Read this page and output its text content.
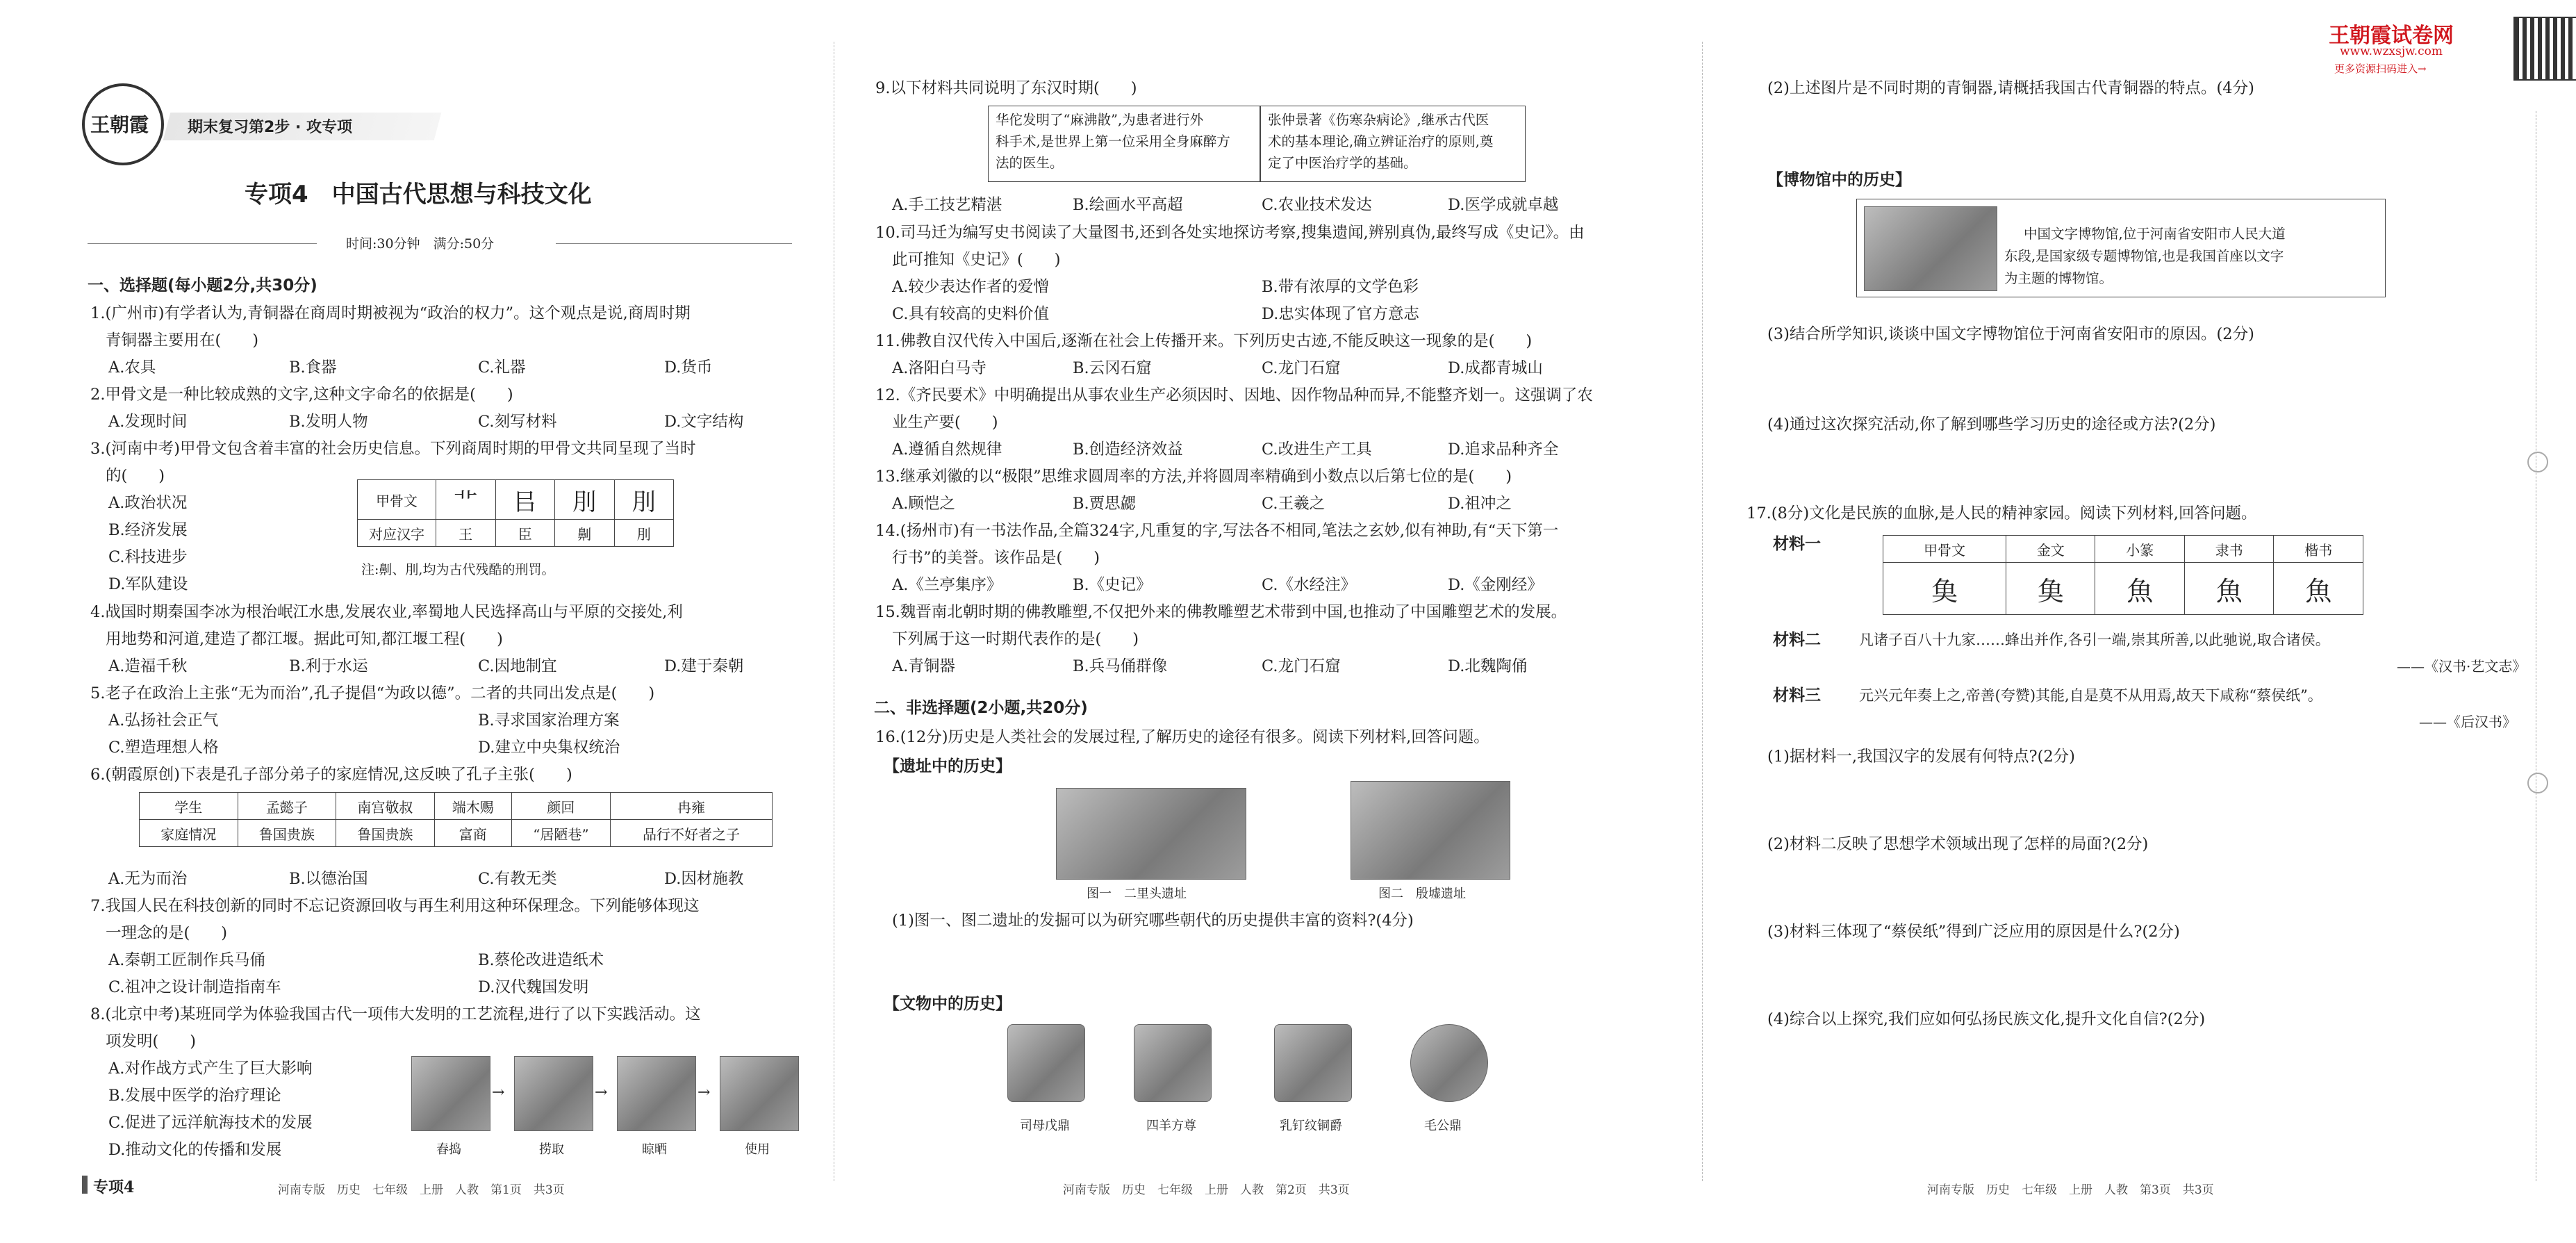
王朝霞	期末复习第2步 · 攻专项
专项4　中国古代思想与科技文化
时间:30分钟　满分:50分
一、选择题(每小题2分,共30分)
1.(广州市)有学者认为,青铜器在商周时期被视为“政治的权力”。这个观点是说,商周时期
青铜器主要用在(　　)
A.农具	B.食器	C.礼器	D.货币
2.甲骨文是一种比较成熟的文字,这种文字命名的依据是(　　)
A.发现时间	B.发明人物	C.刻写材料	D.文字结构
3.(河南中考)甲骨文包含着丰富的社会历史信息。下列商周时期的甲骨文共同呈现了当时
的(　　)
A.政治状况
B.经济发展
C.科技进步
D.军队建设
甲骨文	⻀	㠯	刖	刖
对应汉字	王	臣	劓	刖
注:劓、刖,均为古代残酷的刑罚。
4.战国时期秦国李冰为根治岷江水患,发展农业,率蜀地人民选择高山与平原的交接处,利
用地势和河道,建造了都江堰。据此可知,都江堰工程(　　)
A.造福千秋	B.利于水运	C.因地制宜	D.建于秦朝
5.老子在政治上主张“无为而治”,孔子提倡“为政以德”。二者的共同出发点是(　　)
A.弘扬社会正气	B.寻求国家治理方案
C.塑造理想人格	D.建立中央集权统治
6.(朝霞原创)下表是孔子部分弟子的家庭情况,这反映了孔子主张(　　)
学生	孟懿子	南宫敬叔	端木赐	颜回	冉雍
家庭情况	鲁国贵族	鲁国贵族	富商	“居陋巷”	品行不好者之子
A.无为而治	B.以德治国	C.有教无类	D.因材施教
7.我国人民在科技创新的同时不忘记资源回收与再生利用这种环保理念。下列能够体现这
一理念的是(　　)
A.秦朝工匠制作兵马俑	B.蔡伦改进造纸术
C.祖冲之设计制造指南车	D.汉代魏国发明
8.(北京中考)某班同学为体验我国古代一项伟大发明的工艺流程,进行了以下实践活动。这
项发明(　　)
A.对作战方式产生了巨大影响
B.发展中医学的治疗理论
C.促进了远洋航海技术的发展
D.推动文化的传播和发展
→	→	→
舂捣	捞取	晾晒	使用
专项4	河南专版　历史　七年级　上册　人教　第1页　共3页
9.以下材料共同说明了东汉时期(　　)
华佗发明了“麻沸散”,为患者进行外
科手术,是世界上第一位采用全身麻醉方
法的医生。
张仲景著《伤寒杂病论》,继承古代医
术的基本理论,确立辨证治疗的原则,奠
定了中医治疗学的基础。
A.手工技艺精湛	B.绘画水平高超	C.农业技术发达	D.医学成就卓越
10.司马迁为编写史书阅读了大量图书,还到各处实地探访考察,搜集遗闻,辨别真伪,最终写成《史记》。由
此可推知《史记》(　　)
A.较少表达作者的爱憎	B.带有浓厚的文学色彩
C.具有较高的史料价值	D.忠实体现了官方意志
11.佛教自汉代传入中国后,逐渐在社会上传播开来。下列历史古迹,不能反映这一现象的是(　　)
A.洛阳白马寺	B.云冈石窟	C.龙门石窟	D.成都青城山
12.《齐民要术》中明确提出从事农业生产必须因时、因地、因作物品种而异,不能整齐划一。这强调了农
业生产要(　　)
A.遵循自然规律	B.创造经济效益	C.改进生产工具	D.追求品种齐全
13.继承刘徽的以“极限”思维求圆周率的方法,并将圆周率精确到小数点以后第七位的是(　　)
A.顾恺之	B.贾思勰	C.王羲之	D.祖冲之
14.(扬州市)有一书法作品,全篇324字,凡重复的字,写法各不相同,笔法之玄妙,似有神助,有“天下第一
行书”的美誉。该作品是(　　)
A.《兰亭集序》	B.《史记》	C.《水经注》	D.《金刚经》
15.魏晋南北朝时期的佛教雕塑,不仅把外来的佛教雕塑艺术带到中国,也推动了中国雕塑艺术的发展。
下列属于这一时期代表作的是(　　)
A.青铜器	B.兵马俑群像	C.龙门石窟	D.北魏陶俑
二、非选择题(2小题,共20分)
16.(12分)历史是人类社会的发展过程,了解历史的途径有很多。阅读下列材料,回答问题。
【遗址中的历史】
图一　二里头遗址	图二　殷墟遗址
(1)图一、图二遗址的发掘可以为研究哪些朝代的历史提供丰富的资料?(4分)
【文物中的历史】
司母戊鼎	四羊方尊	乳钉纹铜爵	毛公鼎
河南专版　历史　七年级　上册　人教　第2页　共3页
王朝霞试卷网
www.wzxsjw.com
更多资源扫码进入→
(2)上述图片是不同时期的青铜器,请概括我国古代青铜器的特点。(4分)
【博物馆中的历史】
中国文字博物馆,位于河南省安阳市人民大道
东段,是国家级专题博物馆,也是我国首座以文字
为主题的博物馆。
(3)结合所学知识,谈谈中国文字博物馆位于河南省安阳市的原因。(2分)
(4)通过这次探究活动,你了解到哪些学习历史的途径或方法?(2分)
17.(8分)文化是民族的血脉,是人民的精神家园。阅读下列材料,回答问题。
材料一	甲骨文	金文	小篆	隶书	楷书
𩵋	𩵋	魚	魚	魚
材料二	凡诸子百八十九家……蜂出并作,各引一端,崇其所善,以此驰说,取合诸侯。
——《汉书·艺文志》
材料三	元兴元年奏上之,帝善(夸赞)其能,自是莫不从用焉,故天下咸称“蔡侯纸”。
——《后汉书》
(1)据材料一,我国汉字的发展有何特点?(2分)
(2)材料二反映了思想学术领域出现了怎样的局面?(2分)
(3)材料三体现了“蔡侯纸”得到广泛应用的原因是什么?(2分)
(4)综合以上探究,我们应如何弘扬民族文化,提升文化自信?(2分)
河南专版　历史　七年级　上册　人教　第3页　共3页
